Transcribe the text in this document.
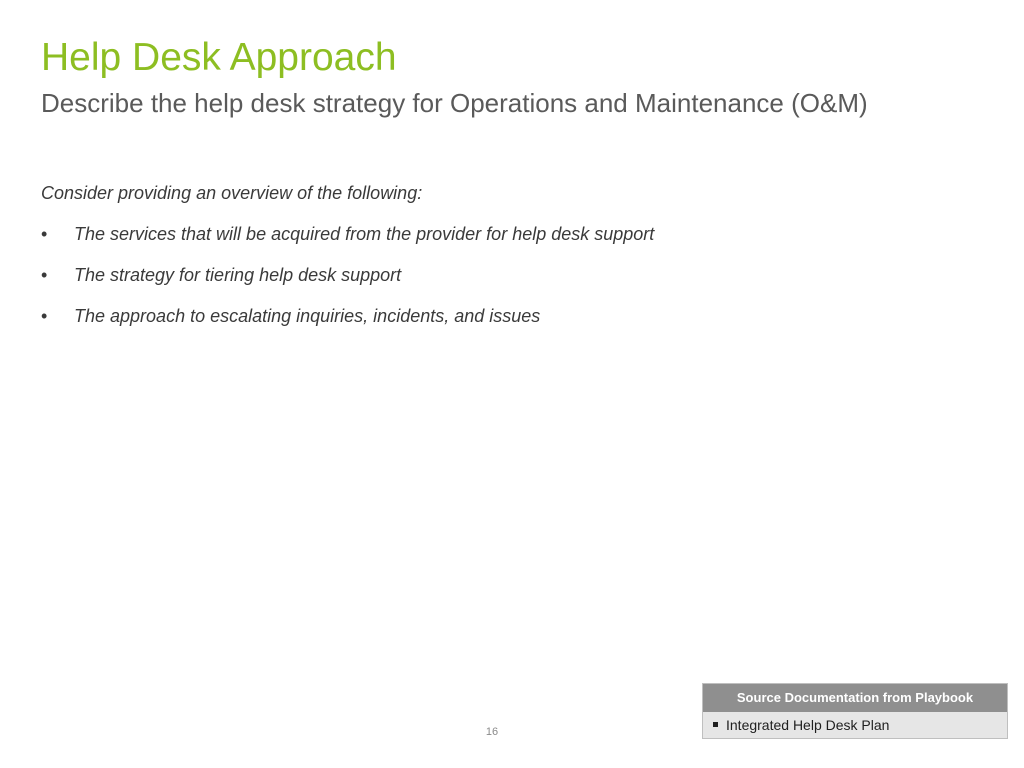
Help Desk Approach
Describe the help desk strategy for Operations and Maintenance (O&M)

Consider providing an overview of the following:

• The services that will be acquired from the provider for help desk support
• The strategy for tiering help desk support
• The approach to escalating inquiries, incidents, and issues
Source Documentation from Playbook
Integrated Help Desk Plan
16
